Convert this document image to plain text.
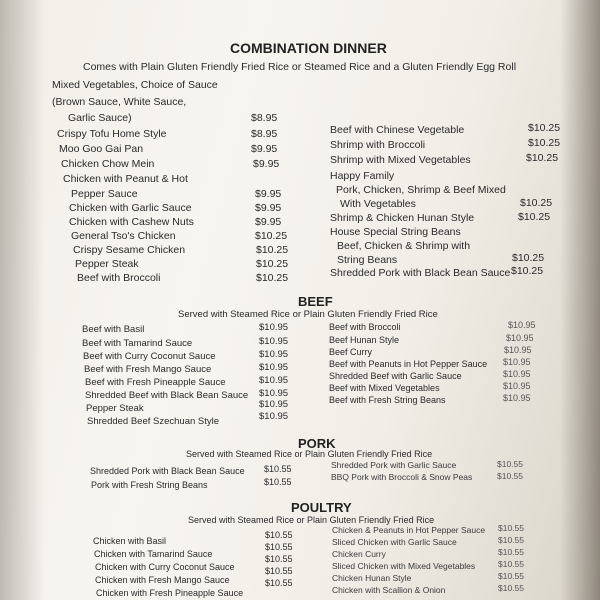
COMBINATION DINNER
Comes with Plain Gluten Friendly Fried Rice or Steamed Rice and a Gluten Friendly Egg Roll
Mixed Vegetables, Choice of Sauce
(Brown Sauce, White Sauce,
Garlic Sauce)	$8.95
Crispy Tofu Home Style	$8.95
Moo Goo Gai Pan	$9.95
Chicken Chow Mein	$9.95
Chicken with Peanut & Hot
Pepper Sauce	$9.95
Chicken with Garlic Sauce	$9.95
Chicken with Cashew Nuts	$9.95
General Tso's Chicken	$10.25
Crispy Sesame Chicken	$10.25
Pepper Steak	$10.25
Beef with Broccoli	$10.25
Beef with Chinese Vegetable	$10.25
Shrimp with Broccoli	$10.25
Shrimp with Mixed Vegetables	$10.25
Happy Family
Pork, Chicken, Shrimp & Beef Mixed
With Vegetables	$10.25
Shrimp & Chicken Hunan Style	$10.25
House Special String Beans
Beef, Chicken & Shrimp with
String Beans	$10.25
Shredded Pork with Black Bean Sauce $10.25
BEEF
Served with Steamed Rice or Plain Gluten Friendly Fried Rice
Beef with Basil	$10.95
Beef with Tamarind Sauce	$10.95
Beef with Curry Coconut Sauce	$10.95
Beef with Fresh Mango Sauce	$10.95
Beef with Fresh Pineapple Sauce	$10.95
Shredded Beef with Black Bean Sauce $10.95
Pepper Steak	$10.95
Shredded Beef Szechuan Style	$10.95
Beef with Broccoli	$10.95
Beef Hunan Style	$10.95
Beef Curry	$10.95
Beef with Peanuts in Hot Pepper Sauce $10.95
Shredded Beef with Garlic Sauce	$10.95
Beef with Mixed Vegetables	$10.95
Beef with Fresh String Beans	$10.95
PORK
Served with Steamed Rice or Plain Gluten Friendly Fried Rice
Shredded Pork with Black Bean Sauce $10.55
Pork with Fresh String Beans	$10.55
Shredded Pork with Garlic Sauce	$10.55
BBQ Pork with Broccoli & Snow Peas	$10.55
POULTRY
Served with Steamed Rice or Plain Gluten Friendly Fried Rice
Chicken with Basil
$10.55
Chicken with Tamarind Sauce
$10.55
Chicken with Curry Coconut Sauce
$10.55
Chicken with Fresh Mango Sauce
$10.55
Chicken with Fresh Pineapple Sauce
$10.55
Chicken & Peanuts in Hot Pepper Sauce $10.55
Sliced Chicken with Garlic Sauce	$10.55
Chicken Curry	$10.55
Sliced Chicken with Mixed Vegetables	$10.55
Chicken Hunan Style	$10.55
Chicken with Scallion & Onion	$10.55
